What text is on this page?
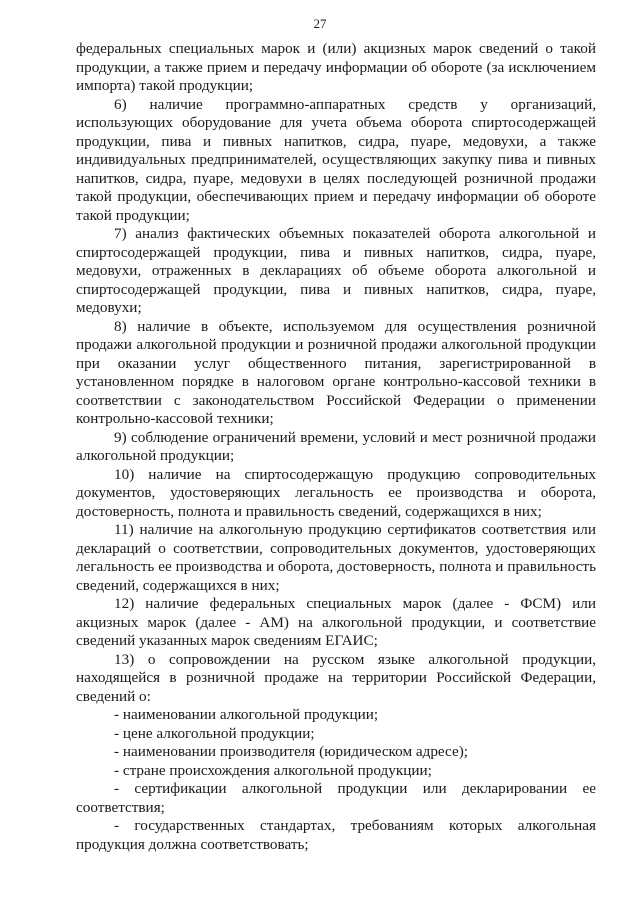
27

федеральных специальных марок и (или) акцизных марок сведений о такой продукции, а также прием и передачу информации об обороте (за исключением импорта) такой продукции;

6) наличие программно-аппаратных средств у организаций, использующих оборудование для учета объема оборота спиртосодержащей продукции, пива и пивных напитков, сидра, пуаре, медовухи, а также индивидуальных предпринимателей, осуществляющих закупку пива и пивных напитков, сидра, пуаре, медовухи в целях последующей розничной продажи такой продукции, обеспечивающих прием и передачу информации об обороте такой продукции;

7) анализ фактических объемных показателей оборота алкогольной и спиртосодержащей продукции, пива и пивных напитков, сидра, пуаре, медовухи, отраженных в декларациях об объеме оборота алкогольной и спиртосодержащей продукции, пива и пивных напитков, сидра, пуаре, медовухи;

8) наличие в объекте, используемом для осуществления розничной продажи алкогольной продукции и розничной продажи алкогольной продукции при оказании услуг общественного питания, зарегистрированной в установленном порядке в налоговом органе контрольно-кассовой техники в соответствии с законодательством Российской Федерации о применении контрольно-кассовой техники;

9) соблюдение ограничений времени, условий и мест розничной продажи алкогольной продукции;

10) наличие на спиртосодержащую продукцию сопроводительных документов, удостоверяющих легальность ее производства и оборота, достоверность, полнота и правильность сведений, содержащихся в них;

11) наличие на алкогольную продукцию сертификатов соответствия или деклараций о соответствии, сопроводительных документов, удостоверяющих легальность ее производства и оборота, достоверность, полнота и правильность сведений, содержащихся в них;

12) наличие федеральных специальных марок (далее - ФСМ) или акцизных марок (далее - АМ) на алкогольной продукции, и соответствие сведений указанных марок сведениям ЕГАИС;

13) о сопровождении на русском языке алкогольной продукции, находящейся в розничной продаже на территории Российской Федерации, сведений о:

- наименовании алкогольной продукции;
- цене алкогольной продукции;
- наименовании производителя (юридическом адресе);
- стране происхождения алкогольной продукции;
- сертификации алкогольной продукции или декларировании ее соответствия;
- государственных стандартах, требованиям которых алкогольная продукция должна соответствовать;
